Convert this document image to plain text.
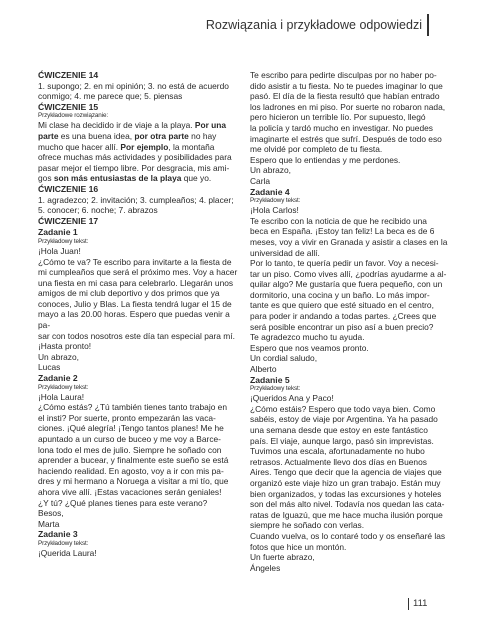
Rozwiązania i przykładowe odpowiedzi

ĆWICZENIE 14

1. supongo; 2. en mi opinión; 3. no está de acuerdo

conmigo; 4. me parece que; 5. piensas

ĆWICZENIE 15

Przykładowe rozwiązanie:

Mi clase ha decidido ir de viaje a la playa. Por una

parte es una buena idea, por otra parte no hay

mucho que hacer allí. Por ejemplo, la montaña

ofrece muchas más actividades y posibilidades para

pasar mejor el tiempo libre. Por desgracia, mis ami-

gos son más entusiastas de la playa que yo.

ĆWICZENIE 16

1. agradezco; 2. invitación; 3. cumpleaños; 4. placer;

5. conocer; 6. noche; 7. abrazos

ĆWICZENIE 17

Zadanie 1

Przykładowy tekst:

¡Hola Juan!

¿Cómo te va? Te escribo para invitarte a la fiesta de

mi cumpleaños que será el próximo mes. Voy a hacer

una fiesta en mi casa para celebrarlo. Llegarán unos

amigos de mi club deportivo y dos primos que ya

conoces, Julio y Blas. La fiesta tendrá lugar el 15 de

mayo a las 20.00 horas. Espero que puedas venir a pa-

sar con todos nosotros este día tan especial para mí.

¡Hasta pronto!

Un abrazo,

Lucas

Zadanie 2

Przykładowy tekst:

¡Hola Laura!

¿Cómo estás? ¿Tú también tienes tanto trabajo en

el insti? Por suerte, pronto empezarán las vaca-

ciones. ¡Qué alegría! ¡Tengo tantos planes! Me he

apuntado a un curso de buceo y me voy a Barce-

lona todo el mes de julio. Siempre he soñado con

aprender a bucear, y finalmente este sueño se está

haciendo realidad. En agosto, voy a ir con mis pa-

dres y mi hermano a Noruega a visitar a mi tío, que

ahora vive allí. ¡Estas vacaciones serán geniales!

¿Y tú? ¿Qué planes tienes para este verano?

Besos,

Marta

Zadanie 3

Przykładowy tekst:

¡Querida Laura!

Te escribo para pedirte disculpas por no haber po-

dido asistir a tu fiesta. No te puedes imaginar lo que

pasó. El día de la fiesta resultó que habían entrado

los ladrones en mi piso. Por suerte no robaron nada,

pero hicieron un terrible lío. Por supuesto, llegó

la policía y tardó mucho en investigar. No puedes

imaginarte el estrés que sufrí. Después de todo eso

me olvidé por completo de tu fiesta.

Espero que lo entiendas y me perdones.

Un abrazo,

Carla

Zadanie 4

Przykładowy tekst:

¡Hola Carlos!

Te escribo con la noticia de que he recibido una

beca en España. ¡Estoy tan feliz! La beca es de 6

meses, voy a vivir en Granada y asistir a clases en la

universidad de allí.

Por lo tanto, te quería pedir un favor. Voy a necesi-

tar un piso. Como vives allí, ¿podrías ayudarme a al-

quilar algo? Me gustaría que fuera pequeño, con un

dormitorio, una cocina y un baño. Lo más impor-

tante es que quiero que esté situado en el centro,

para poder ir andando a todas partes. ¿Crees que

será posible encontrar un piso así a buen precio?

Te agradezco mucho tu ayuda.

Espero que nos veamos pronto.

Un cordial saludo,

Alberto

Zadanie 5

Przykładowy tekst:

¡Queridos Ana y Paco!

¿Cómo estáis? Espero que todo vaya bien. Como

sabéis, estoy de viaje por Argentina. Ya ha pasado

una semana desde que estoy en este fantástico

país. El viaje, aunque largo, pasó sin imprevistas.

Tuvimos una escala, afortunadamente no hubo

retrasos. Actualmente llevo dos días en Buenos

Aires. Tengo que decir que la agencia de viajes que

organizó este viaje hizo un gran trabajo. Están muy

bien organizados, y todas las excursiones y hoteles

son del más alto nivel. Todavía nos quedan las cata-

ratas de Iguazú, que me hace mucha ilusión porque

siempre he soñado con verlas.

Cuando vuelva, os lo contaré todo y os enseñaré las

fotos que hice un montón.

Un fuerte abrazo,

Ángeles

111
